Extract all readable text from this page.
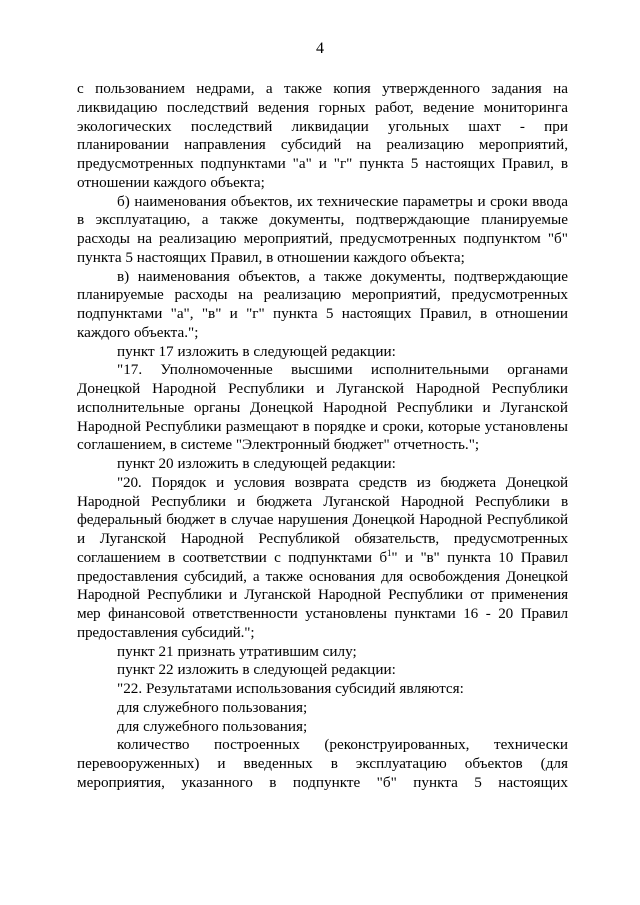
4

с пользованием недрами, а также копия утвержденного задания на ликвидацию последствий ведения горных работ, ведение мониторинга экологических последствий ликвидации угольных шахт - при планировании направления субсидий на реализацию мероприятий, предусмотренных подпунктами "а" и "г" пункта 5 настоящих Правил, в отношении каждого объекта;

б) наименования объектов, их технические параметры и сроки ввода в эксплуатацию, а также документы, подтверждающие планируемые расходы на реализацию мероприятий, предусмотренных подпунктом "б" пункта 5 настоящих Правил, в отношении каждого объекта;

в) наименования объектов, а также документы, подтверждающие планируемые расходы на реализацию мероприятий, предусмотренных подпунктами "а", "в" и "г" пункта 5 настоящих Правил, в отношении каждого объекта.";

пункт 17 изложить в следующей редакции:

"17. Уполномоченные высшими исполнительными органами Донецкой Народной Республики и Луганской Народной Республики исполнительные органы Донецкой Народной Республики и Луганской Народной Республики размещают в порядке и сроки, которые установлены соглашением, в системе "Электронный бюджет" отчетность.";

пункт 20 изложить в следующей редакции:

"20. Порядок и условия возврата средств из бюджета Донецкой Народной Республики и бюджета Луганской Народной Республики в федеральный бюджет в случае нарушения Донецкой Народной Республикой и Луганской Народной Республикой обязательств, предусмотренных соглашением в соответствии с подпунктами $б^1$" и "в" пункта 10 Правил предоставления субсидий, а также основания для освобождения Донецкой Народной Республики и Луганской Народной Республики от применения мер финансовой ответственности установлены пунктами 16 - 20 Правил предоставления субсидий.";

пункт 21 признать утратившим силу;

пункт 22 изложить в следующей редакции:

"22. Результатами использования субсидий являются:

для служебного пользования;

для служебного пользования;

количество построенных (реконструированных, технически перевооруженных) и введенных в эксплуатацию объектов (для мероприятия, указанного в подпункте "б" пункта 5 настоящих
